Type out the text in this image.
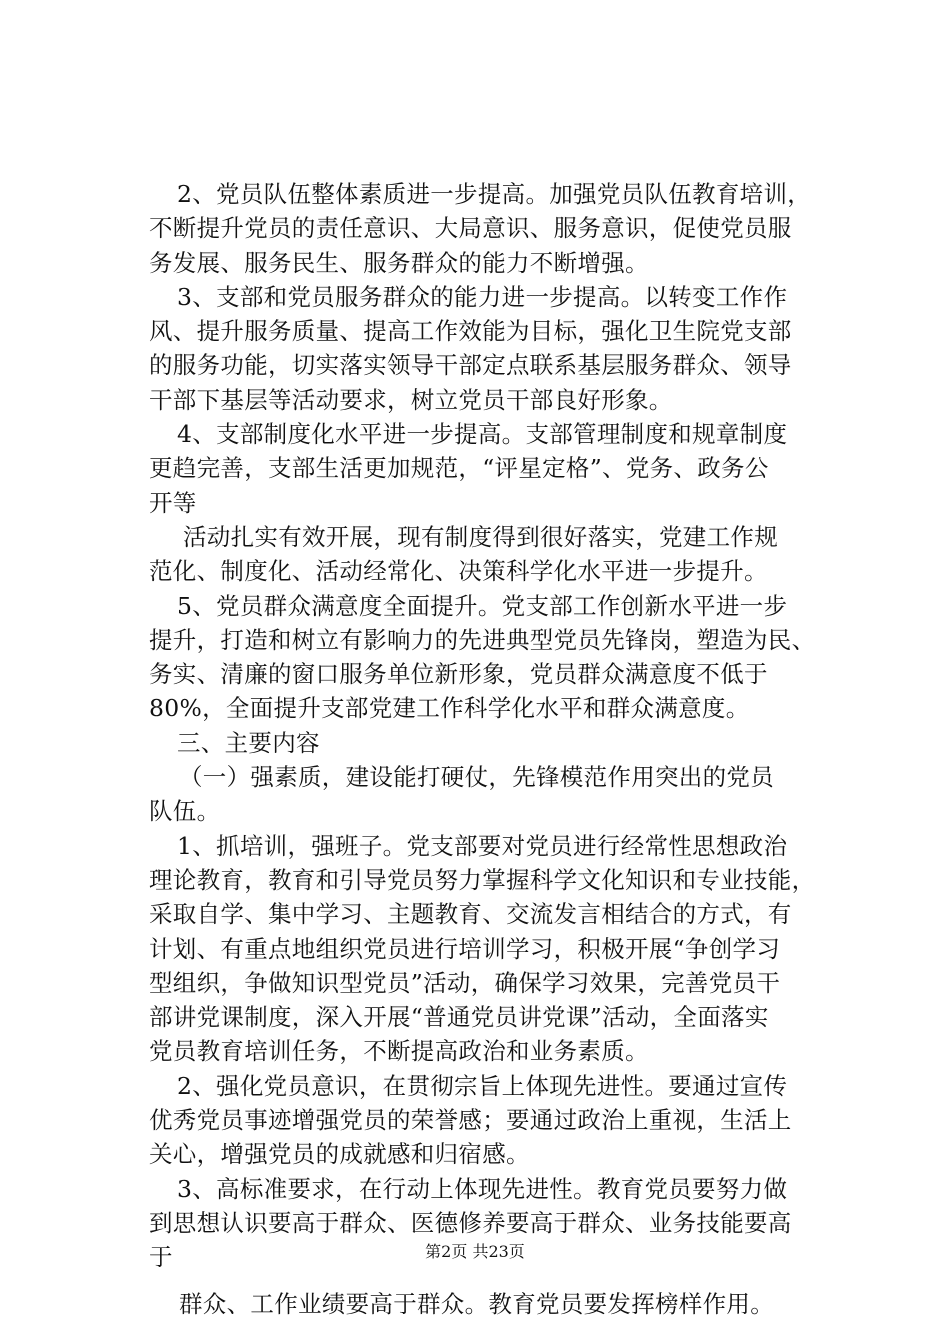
2、党员队伍整体素质进一步提高。加强党员队伍教育培训，
不断提升党员的责任意识、大局意识、服务意识，促使党员服
务发展、服务民生、服务群众的能力不断增强。
3、支部和党员服务群众的能力进一步提高。以转变工作作
风、提升服务质量、提高工作效能为目标，强化卫生院党支部
的服务功能，切实落实领导干部定点联系基层服务群众、领导
干部下基层等活动要求，树立党员干部良好形象。
4、支部制度化水平进一步提高。支部管理制度和规章制度
更趋完善，支部生活更加规范，“评星定格”、党务、政务公
开等
活动扎实有效开展，现有制度得到很好落实，党建工作规
范化、制度化、活动经常化、决策科学化水平进一步提升。
5、党员群众满意度全面提升。党支部工作创新水平进一步
提升，打造和树立有影响力的先进典型党员先锋岗，塑造为民、
务实、清廉的窗口服务单位新形象，党员群众满意度不低于
80%，全面提升支部党建工作科学化水平和群众满意度。
三、主要内容
（一）强素质，建设能打硬仗，先锋模范作用突出的党员
队伍。
1、抓培训，强班子。党支部要对党员进行经常性思想政治
理论教育，教育和引导党员努力掌握科学文化知识和专业技能，
采取自学、集中学习、主题教育、交流发言相结合的方式，有
计划、有重点地组织党员进行培训学习，积极开展“争创学习
型组织，争做知识型党员”活动，确保学习效果，完善党员干
部讲党课制度，深入开展“普通党员讲党课”活动，全面落实
党员教育培训任务，不断提高政治和业务素质。
2、强化党员意识，在贯彻宗旨上体现先进性。要通过宣传
优秀党员事迹增强党员的荣誉感；要通过政治上重视，生活上
关心，增强党员的成就感和归宿感。
3、高标准要求，在行动上体现先进性。教育党员要努力做
到思想认识要高于群众、医德修养要高于群众、业务技能要高
于
群众、工作业绩要高于群众。教育党员要发挥榜样作用。
第2页 共23页
